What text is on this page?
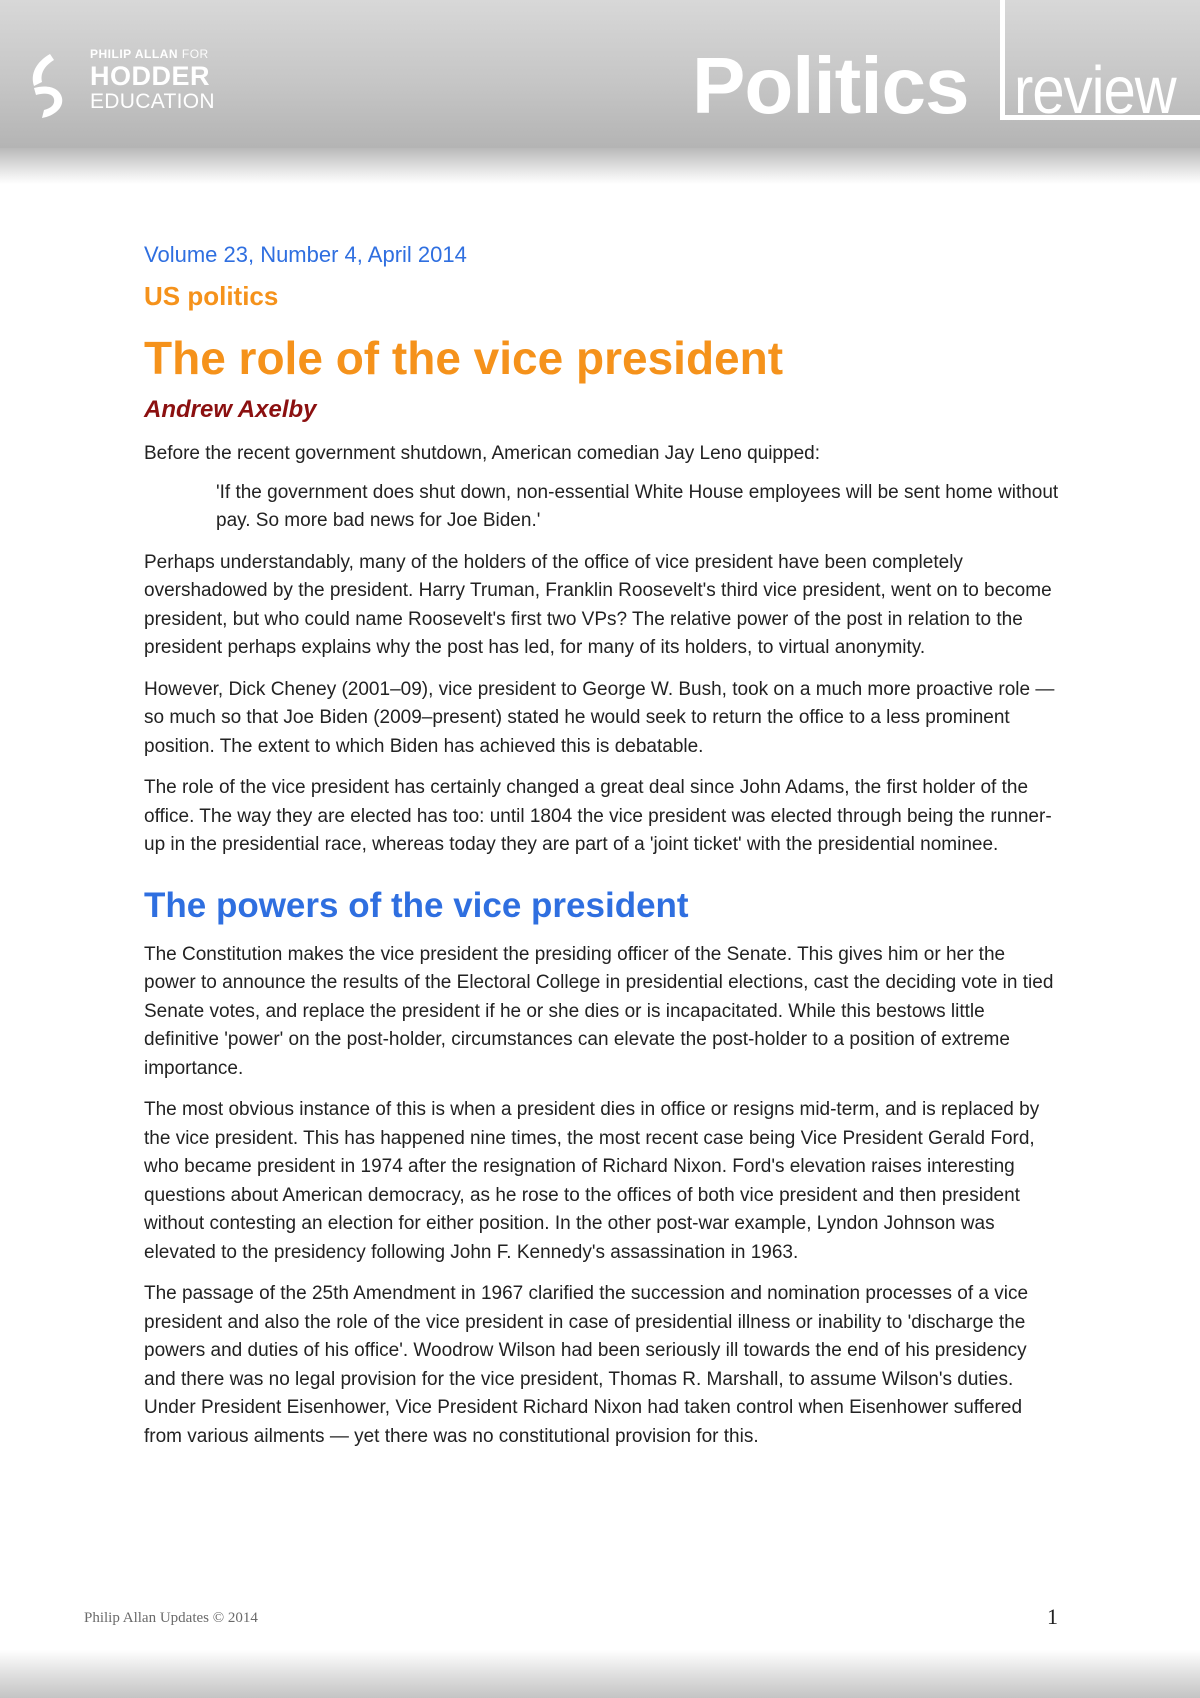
PHILIP ALLAN FOR
HODDER
EDUCATION	Politics review

Volume 23, Number 4, April 2014

US politics

The role of the vice president

Andrew Axelby

Before the recent government shutdown, American comedian Jay Leno quipped:

'If the government does shut down, non-essential White House employees will be sent home without pay. So more bad news for Joe Biden.'

Perhaps understandably, many of the holders of the office of vice president have been completely overshadowed by the president. Harry Truman, Franklin Roosevelt's third vice president, went on to become president, but who could name Roosevelt's first two VPs? The relative power of the post in relation to the president perhaps explains why the post has led, for many of its holders, to virtual anonymity.

However, Dick Cheney (2001–09), vice president to George W. Bush, took on a much more proactive role — so much so that Joe Biden (2009–present) stated he would seek to return the office to a less prominent position. The extent to which Biden has achieved this is debatable.

The role of the vice president has certainly changed a great deal since John Adams, the first holder of the office. The way they are elected has too: until 1804 the vice president was elected through being the runner-up in the presidential race, whereas today they are part of a 'joint ticket' with the presidential nominee.

The powers of the vice president

The Constitution makes the vice president the presiding officer of the Senate. This gives him or her the power to announce the results of the Electoral College in presidential elections, cast the deciding vote in tied Senate votes, and replace the president if he or she dies or is incapacitated. While this bestows little definitive 'power' on the post-holder, circumstances can elevate the post-holder to a position of extreme importance.

The most obvious instance of this is when a president dies in office or resigns mid-term, and is replaced by the vice president. This has happened nine times, the most recent case being Vice President Gerald Ford, who became president in 1974 after the resignation of Richard Nixon. Ford's elevation raises interesting questions about American democracy, as he rose to the offices of both vice president and then president without contesting an election for either position. In the other post-war example, Lyndon Johnson was elevated to the presidency following John F. Kennedy's assassination in 1963.

The passage of the 25th Amendment in 1967 clarified the succession and nomination processes of a vice president and also the role of the vice president in case of presidential illness or inability to 'discharge the powers and duties of his office'. Woodrow Wilson had been seriously ill towards the end of his presidency and there was no legal provision for the vice president, Thomas R. Marshall, to assume Wilson's duties. Under President Eisenhower, Vice President Richard Nixon had taken control when Eisenhower suffered from various ailments — yet there was no constitutional provision for this.

Philip Allan Updates © 2014	1
